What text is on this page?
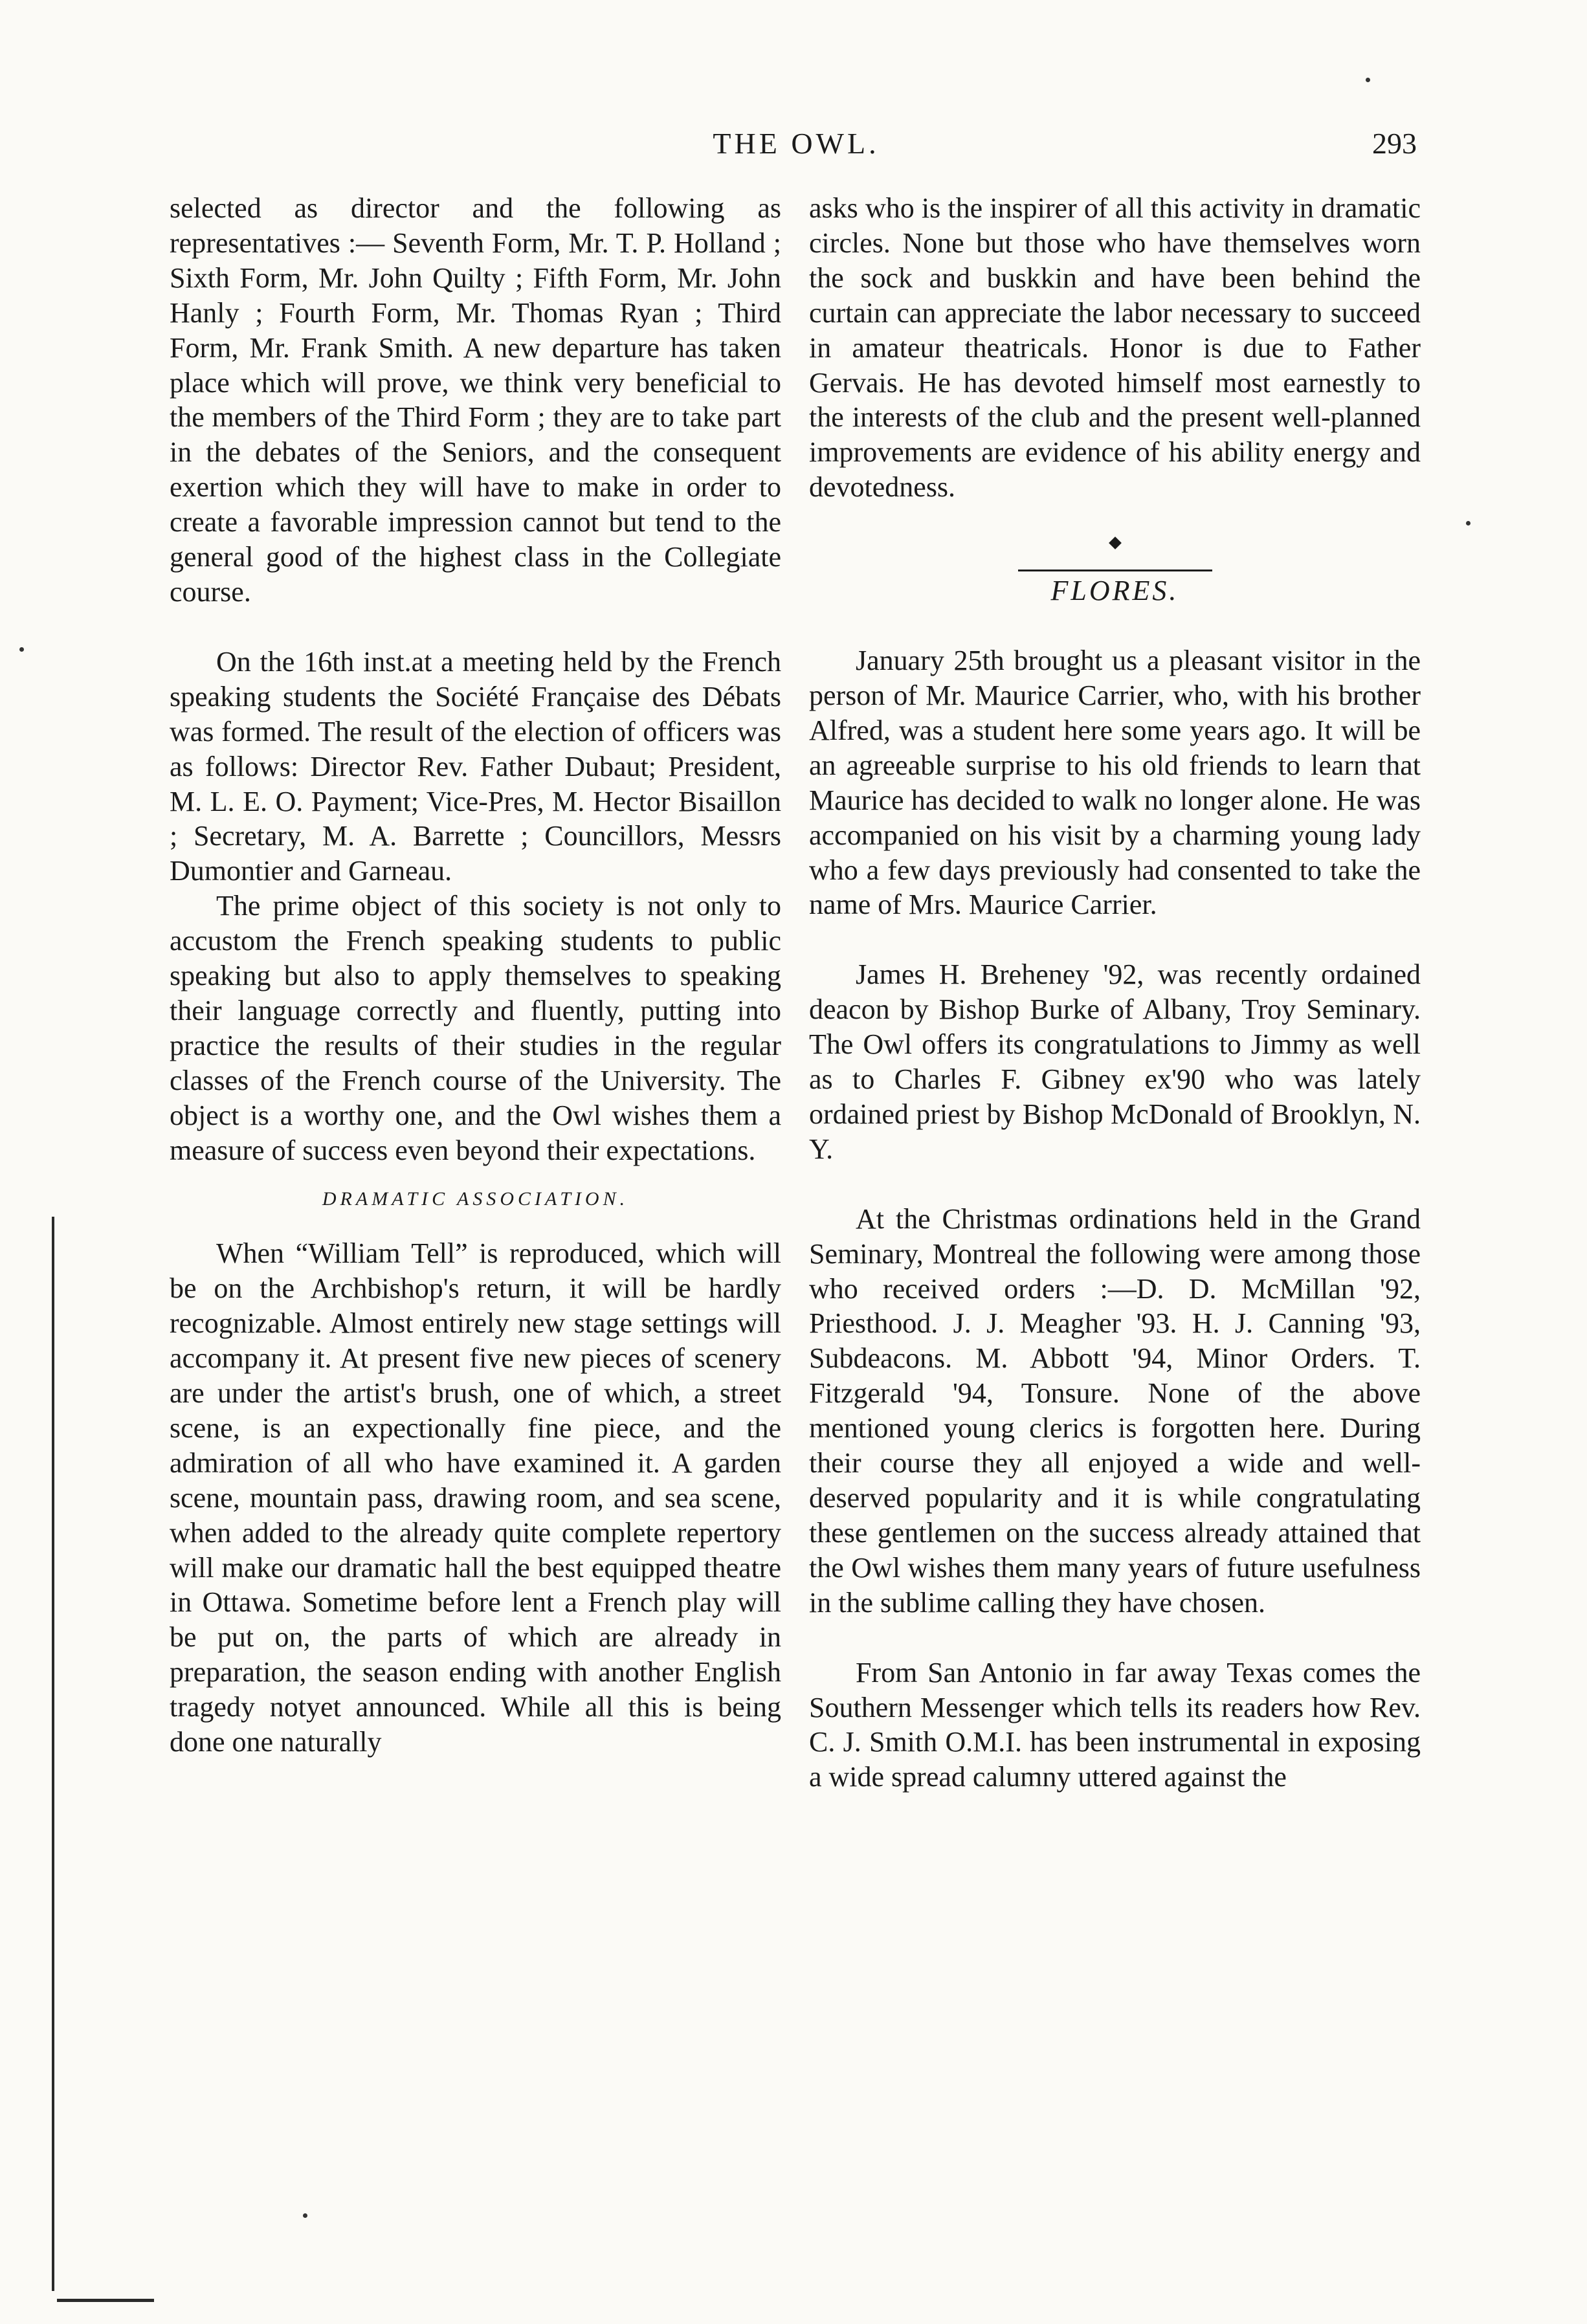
THE OWL.	293

selected as director and the following as representatives :— Seventh Form, Mr. T. P. Holland ; Sixth Form, Mr. John Quilty ; Fifth Form, Mr. John Hanly ; Fourth Form, Mr. Thomas Ryan ; Third Form, Mr. Frank Smith. A new departure has taken place which will prove, we think very beneficial to the members of the Third Form ; they are to take part in the debates of the Seniors, and the consequent exertion which they will have to make in order to create a favorable impression cannot but tend to the general good of the highest class in the Collegiate course.

On the 16th inst.at a meeting held by the French speaking students the Société Française des Débats was formed. The result of the election of officers was as follows: Director Rev. Father Dubaut; President, M. L. E. O. Payment; Vice-Pres, M. Hector Bisaillon ; Secretary, M. A. Barrette ; Councillors, Messrs Dumontier and Garneau.

The prime object of this society is not only to accustom the French speaking students to public speaking but also to apply themselves to speaking their language correctly and fluently, putting into practice the results of their studies in the regular classes of the French course of the University. The object is a worthy one, and the Owl wishes them a measure of success even beyond their expectations.

DRAMATIC ASSOCIATION.

When “William Tell” is reproduced, which will be on the Archbishop's return, it will be hardly recognizable. Almost entirely new stage settings will accompany it. At present five new pieces of scenery are under the artist's brush, one of which, a street scene, is an expectionally fine piece, and the admiration of all who have examined it. A garden scene, mountain pass, drawing room, and sea scene, when added to the already quite complete repertory will make our dramatic hall the best equipped theatre in Ottawa. Sometime before lent a French play will be put on, the parts of which are already in preparation, the season ending with another English tragedy notyet announced. While all this is being done one naturally

asks who is the inspirer of all this activity in dramatic circles. None but those who have themselves worn the sock and buskkin and have been behind the curtain can appreciate the labor necessary to succeed in amateur theatricals. Honor is due to Father Gervais. He has devoted himself most earnestly to the interests of the club and the present well-planned improvements are evidence of his ability energy and devotedness.

FLORES.

January 25th brought us a pleasant visitor in the person of Mr. Maurice Carrier, who, with his brother Alfred, was a student here some years ago. It will be an agreeable surprise to his old friends to learn that Maurice has decided to walk no longer alone. He was accompanied on his visit by a charming young lady who a few days previously had consented to take the name of Mrs. Maurice Carrier.

James H. Breheney '92, was recently ordained deacon by Bishop Burke of Albany, Troy Seminary. The Owl offers its congratulations to Jimmy as well as to Charles F. Gibney ex'90 who was lately ordained priest by Bishop McDonald of Brooklyn, N. Y.

At the Christmas ordinations held in the Grand Seminary, Montreal the following were among those who received orders :—D. D. McMillan '92, Priesthood. J. J. Meagher '93. H. J. Canning '93, Subdeacons. M. Abbott '94, Minor Orders. T. Fitzgerald '94, Tonsure. None of the above mentioned young clerics is forgotten here. During their course they all enjoyed a wide and well-deserved popularity and it is while congratulating these gentlemen on the success already attained that the Owl wishes them many years of future usefulness in the sublime calling they have chosen.

From San Antonio in far away Texas comes the Southern Messenger which tells its readers how Rev. C. J. Smith O.M.I. has been instrumental in exposing a wide spread calumny uttered against the
